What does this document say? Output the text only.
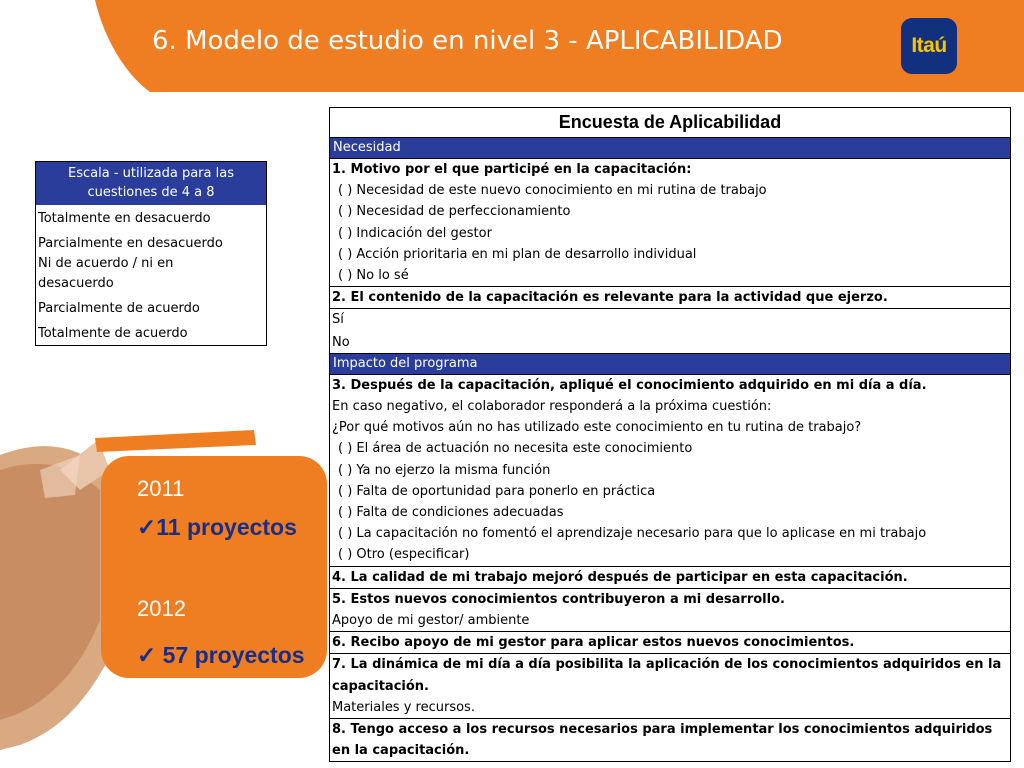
6. Modelo de estudio en nivel 3 - APLICABILIDAD	Itaú
Escala - utilizada para las cuestiones de 4 a 8
Totalmente en desacuerdo
Parcialmente en desacuerdo
Ni de acuerdo / ni en desacuerdo
Parcialmente de acuerdo
Totalmente de acuerdo
Encuesta de Aplicabilidad
Necesidad
1. Motivo por el que participé en la capacitación:
( ) Necesidad de este nuevo conocimiento en mi rutina de trabajo
( ) Necesidad de perfeccionamiento
( ) Indicación del gestor
( ) Acción prioritaria en mi plan de desarrollo individual
( ) No lo sé
2. El contenido de la capacitación es relevante para la actividad que ejerzo.
Sí
No
Impacto del programa
3. Después de la capacitación, apliqué el conocimiento adquirido en mi día a día.
En caso negativo, el colaborador responderá a la próxima cuestión:
¿Por qué motivos aún no has utilizado este conocimiento en tu rutina de trabajo?
( ) El área de actuación no necesita este conocimiento
( ) Ya no ejerzo la misma función
( ) Falta de oportunidad para ponerlo en práctica
( ) Falta de condiciones adecuadas
( ) La capacitación no fomentó el aprendizaje necesario para que lo aplicase en mi trabajo
( ) Otro (especificar)
4. La calidad de mi trabajo mejoró después de participar en esta capacitación.
5. Estos nuevos conocimientos contribuyeron a mi desarrollo.
Apoyo de mi gestor/ ambiente
6. Recibo apoyo de mi gestor para aplicar estos nuevos conocimientos.
7. La dinámica de mi día a día posibilita la aplicación de los conocimientos adquiridos en la capacitación.
Materiales y recursos.
8. Tengo acceso a los recursos necesarios para implementar los conocimientos adquiridos en la capacitación.
2011
✓11 proyectos
2012
✓ 57 proyectos
